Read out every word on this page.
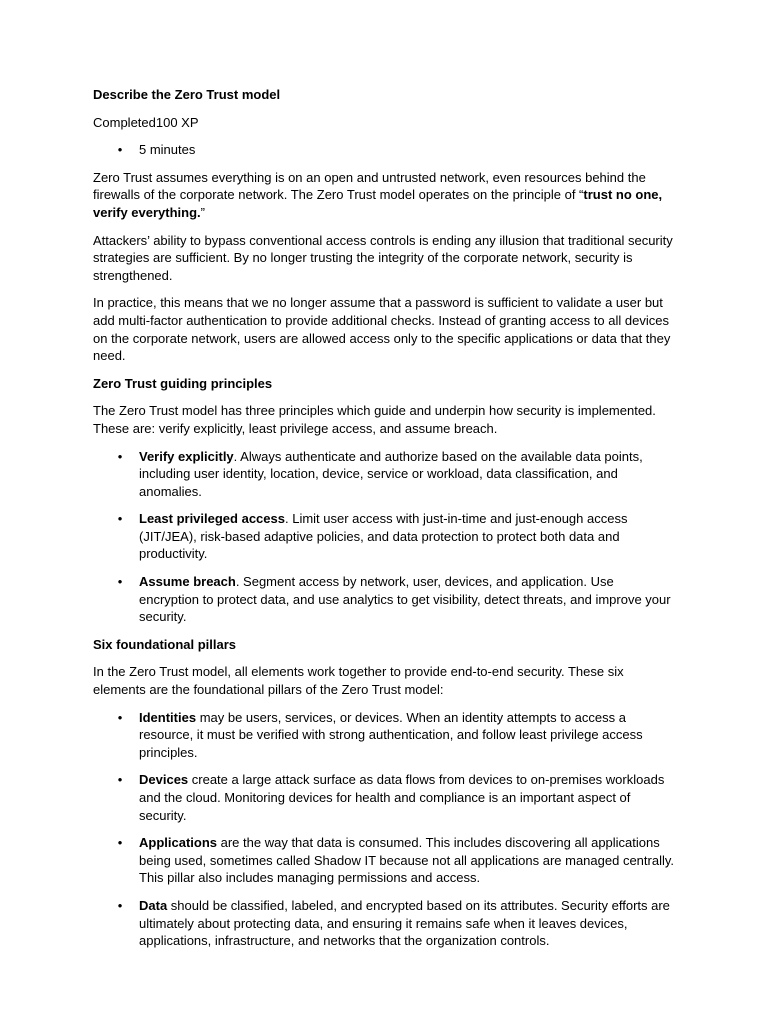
Describe the Zero Trust model

Completed100 XP

• 5 minutes

Zero Trust assumes everything is on an open and untrusted network, even resources behind the firewalls of the corporate network. The Zero Trust model operates on the principle of “trust no one, verify everything.”

Attackers’ ability to bypass conventional access controls is ending any illusion that traditional security strategies are sufficient. By no longer trusting the integrity of the corporate network, security is strengthened.

In practice, this means that we no longer assume that a password is sufficient to validate a user but add multi-factor authentication to provide additional checks. Instead of granting access to all devices on the corporate network, users are allowed access only to the specific applications or data that they need.

Zero Trust guiding principles

The Zero Trust model has three principles which guide and underpin how security is implemented. These are: verify explicitly, least privilege access, and assume breach.

• Verify explicitly. Always authenticate and authorize based on the available data points, including user identity, location, device, service or workload, data classification, and anomalies.
• Least privileged access. Limit user access with just-in-time and just-enough access (JIT/JEA), risk-based adaptive policies, and data protection to protect both data and productivity.
• Assume breach. Segment access by network, user, devices, and application. Use encryption to protect data, and use analytics to get visibility, detect threats, and improve your security.

Six foundational pillars

In the Zero Trust model, all elements work together to provide end-to-end security. These six elements are the foundational pillars of the Zero Trust model:

• Identities may be users, services, or devices. When an identity attempts to access a resource, it must be verified with strong authentication, and follow least privilege access principles.
• Devices create a large attack surface as data flows from devices to on-premises workloads and the cloud. Monitoring devices for health and compliance is an important aspect of security.
• Applications are the way that data is consumed. This includes discovering all applications being used, sometimes called Shadow IT because not all applications are managed centrally. This pillar also includes managing permissions and access.
• Data should be classified, labeled, and encrypted based on its attributes. Security efforts are ultimately about protecting data, and ensuring it remains safe when it leaves devices, applications, infrastructure, and networks that the organization controls.
